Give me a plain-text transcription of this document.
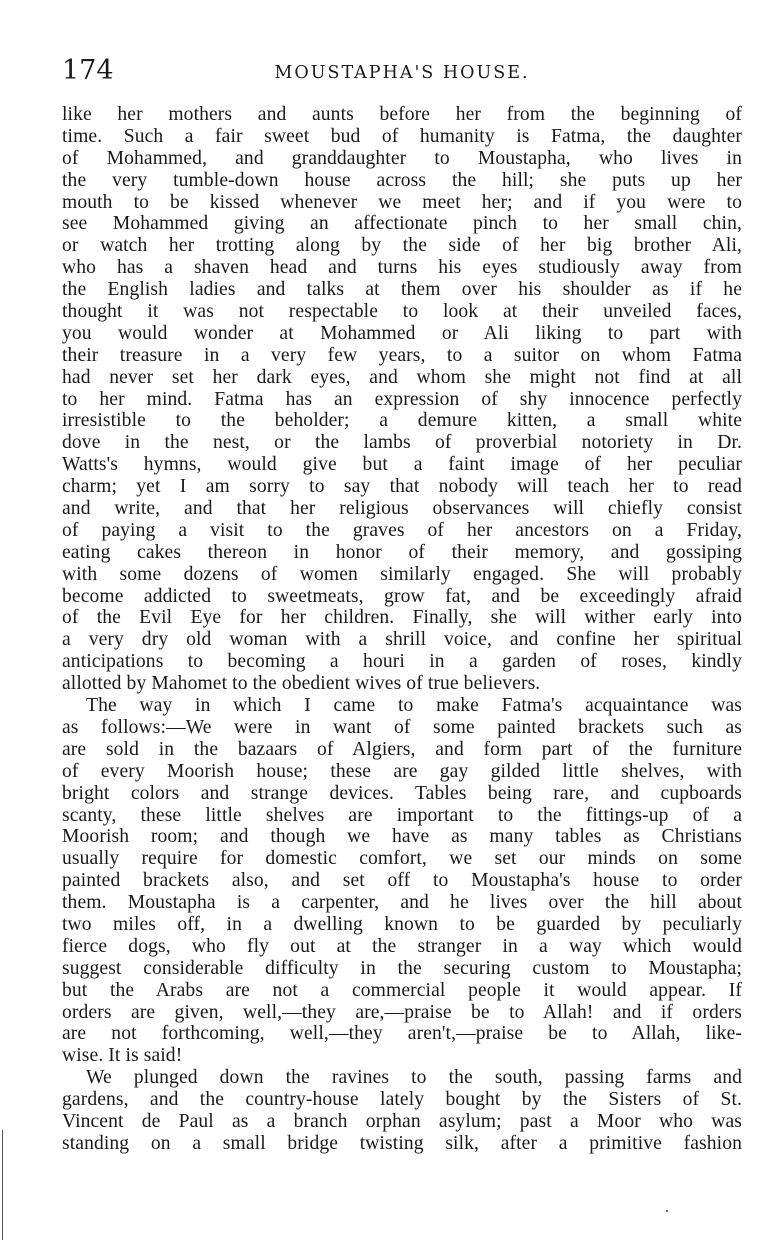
174	MOUSTAPHA'S HOUSE.
like her mothers and aunts before her from the beginning of
time. Such a fair sweet bud of humanity is Fatma, the daughter
of Mohammed, and granddaughter to Moustapha, who lives in
the very tumble-down house across the hill; she puts up her
mouth to be kissed whenever we meet her; and if you were to
see Mohammed giving an affectionate pinch to her small chin,
or watch her trotting along by the side of her big brother Ali,
who has a shaven head and turns his eyes studiously away from
the English ladies and talks at them over his shoulder as if he
thought it was not respectable to look at their unveiled faces,
you would wonder at Mohammed or Ali liking to part with
their treasure in a very few years, to a suitor on whom Fatma
had never set her dark eyes, and whom she might not find at all
to her mind. Fatma has an expression of shy innocence perfectly
irresistible to the beholder; a demure kitten, a small white
dove in the nest, or the lambs of proverbial notoriety in Dr.
Watts's hymns, would give but a faint image of her peculiar
charm; yet I am sorry to say that nobody will teach her to read
and write, and that her religious observances will chiefly consist
of paying a visit to the graves of her ancestors on a Friday,
eating cakes thereon in honor of their memory, and gossiping
with some dozens of women similarly engaged. She will probably
become addicted to sweetmeats, grow fat, and be exceedingly afraid
of the Evil Eye for her children. Finally, she will wither early into
a very dry old woman with a shrill voice, and confine her spiritual
anticipations to becoming a houri in a garden of roses, kindly
allotted by Mahomet to the obedient wives of true believers.
The way in which I came to make Fatma's acquaintance was
as follows:—We were in want of some painted brackets such as
are sold in the bazaars of Algiers, and form part of the furniture
of every Moorish house; these are gay gilded little shelves, with
bright colors and strange devices. Tables being rare, and cupboards
scanty, these little shelves are important to the fittings-up of a
Moorish room; and though we have as many tables as Christians
usually require for domestic comfort, we set our minds on some
painted brackets also, and set off to Moustapha's house to order
them. Moustapha is a carpenter, and he lives over the hill about
two miles off, in a dwelling known to be guarded by peculiarly
fierce dogs, who fly out at the stranger in a way which would
suggest considerable difficulty in the securing custom to Moustapha;
but the Arabs are not a commercial people it would appear. If
orders are given, well,—they are,—praise be to Allah! and if orders
are not forthcoming, well,—they aren't,—praise be to Allah, like-
wise. It is said!
We plunged down the ravines to the south, passing farms and
gardens, and the country-house lately bought by the Sisters of St.
Vincent de Paul as a branch orphan asylum; past a Moor who was
standing on a small bridge twisting silk, after a primitive fashion
